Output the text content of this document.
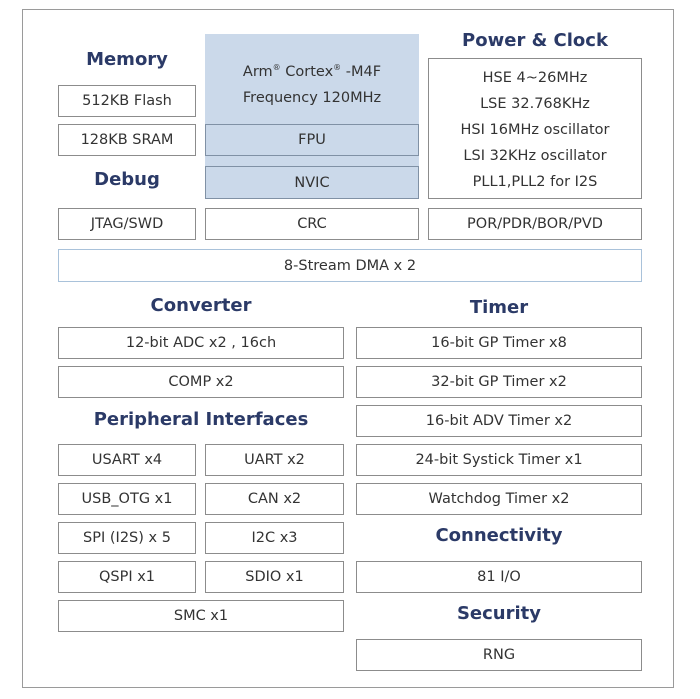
Memory
512KB Flash
128KB SRAM
Debug
JTAG/SWD
Arm® Cortex® -M4F
Frequency 120MHz
FPU
NVIC
CRC
Power & Clock
HSE 4~26MHz
LSE 32.768KHz
HSI 16MHz oscillator
LSI 32KHz oscillator
PLL1,PLL2 for I2S
POR/PDR/BOR/PVD
8-Stream DMA x 2
Converter
12-bit ADC x2 , 16ch
COMP x2
Peripheral Interfaces
USART x4	UART x2
USB_OTG x1	CAN x2
SPI (I2S) x 5	I2C x3
QSPI x1	SDIO x1
SMC x1
Timer
16-bit GP Timer x8
32-bit GP Timer x2
16-bit ADV Timer x2
24-bit Systick Timer x1
Watchdog Timer x2
Connectivity
81 I/O
Security
RNG
